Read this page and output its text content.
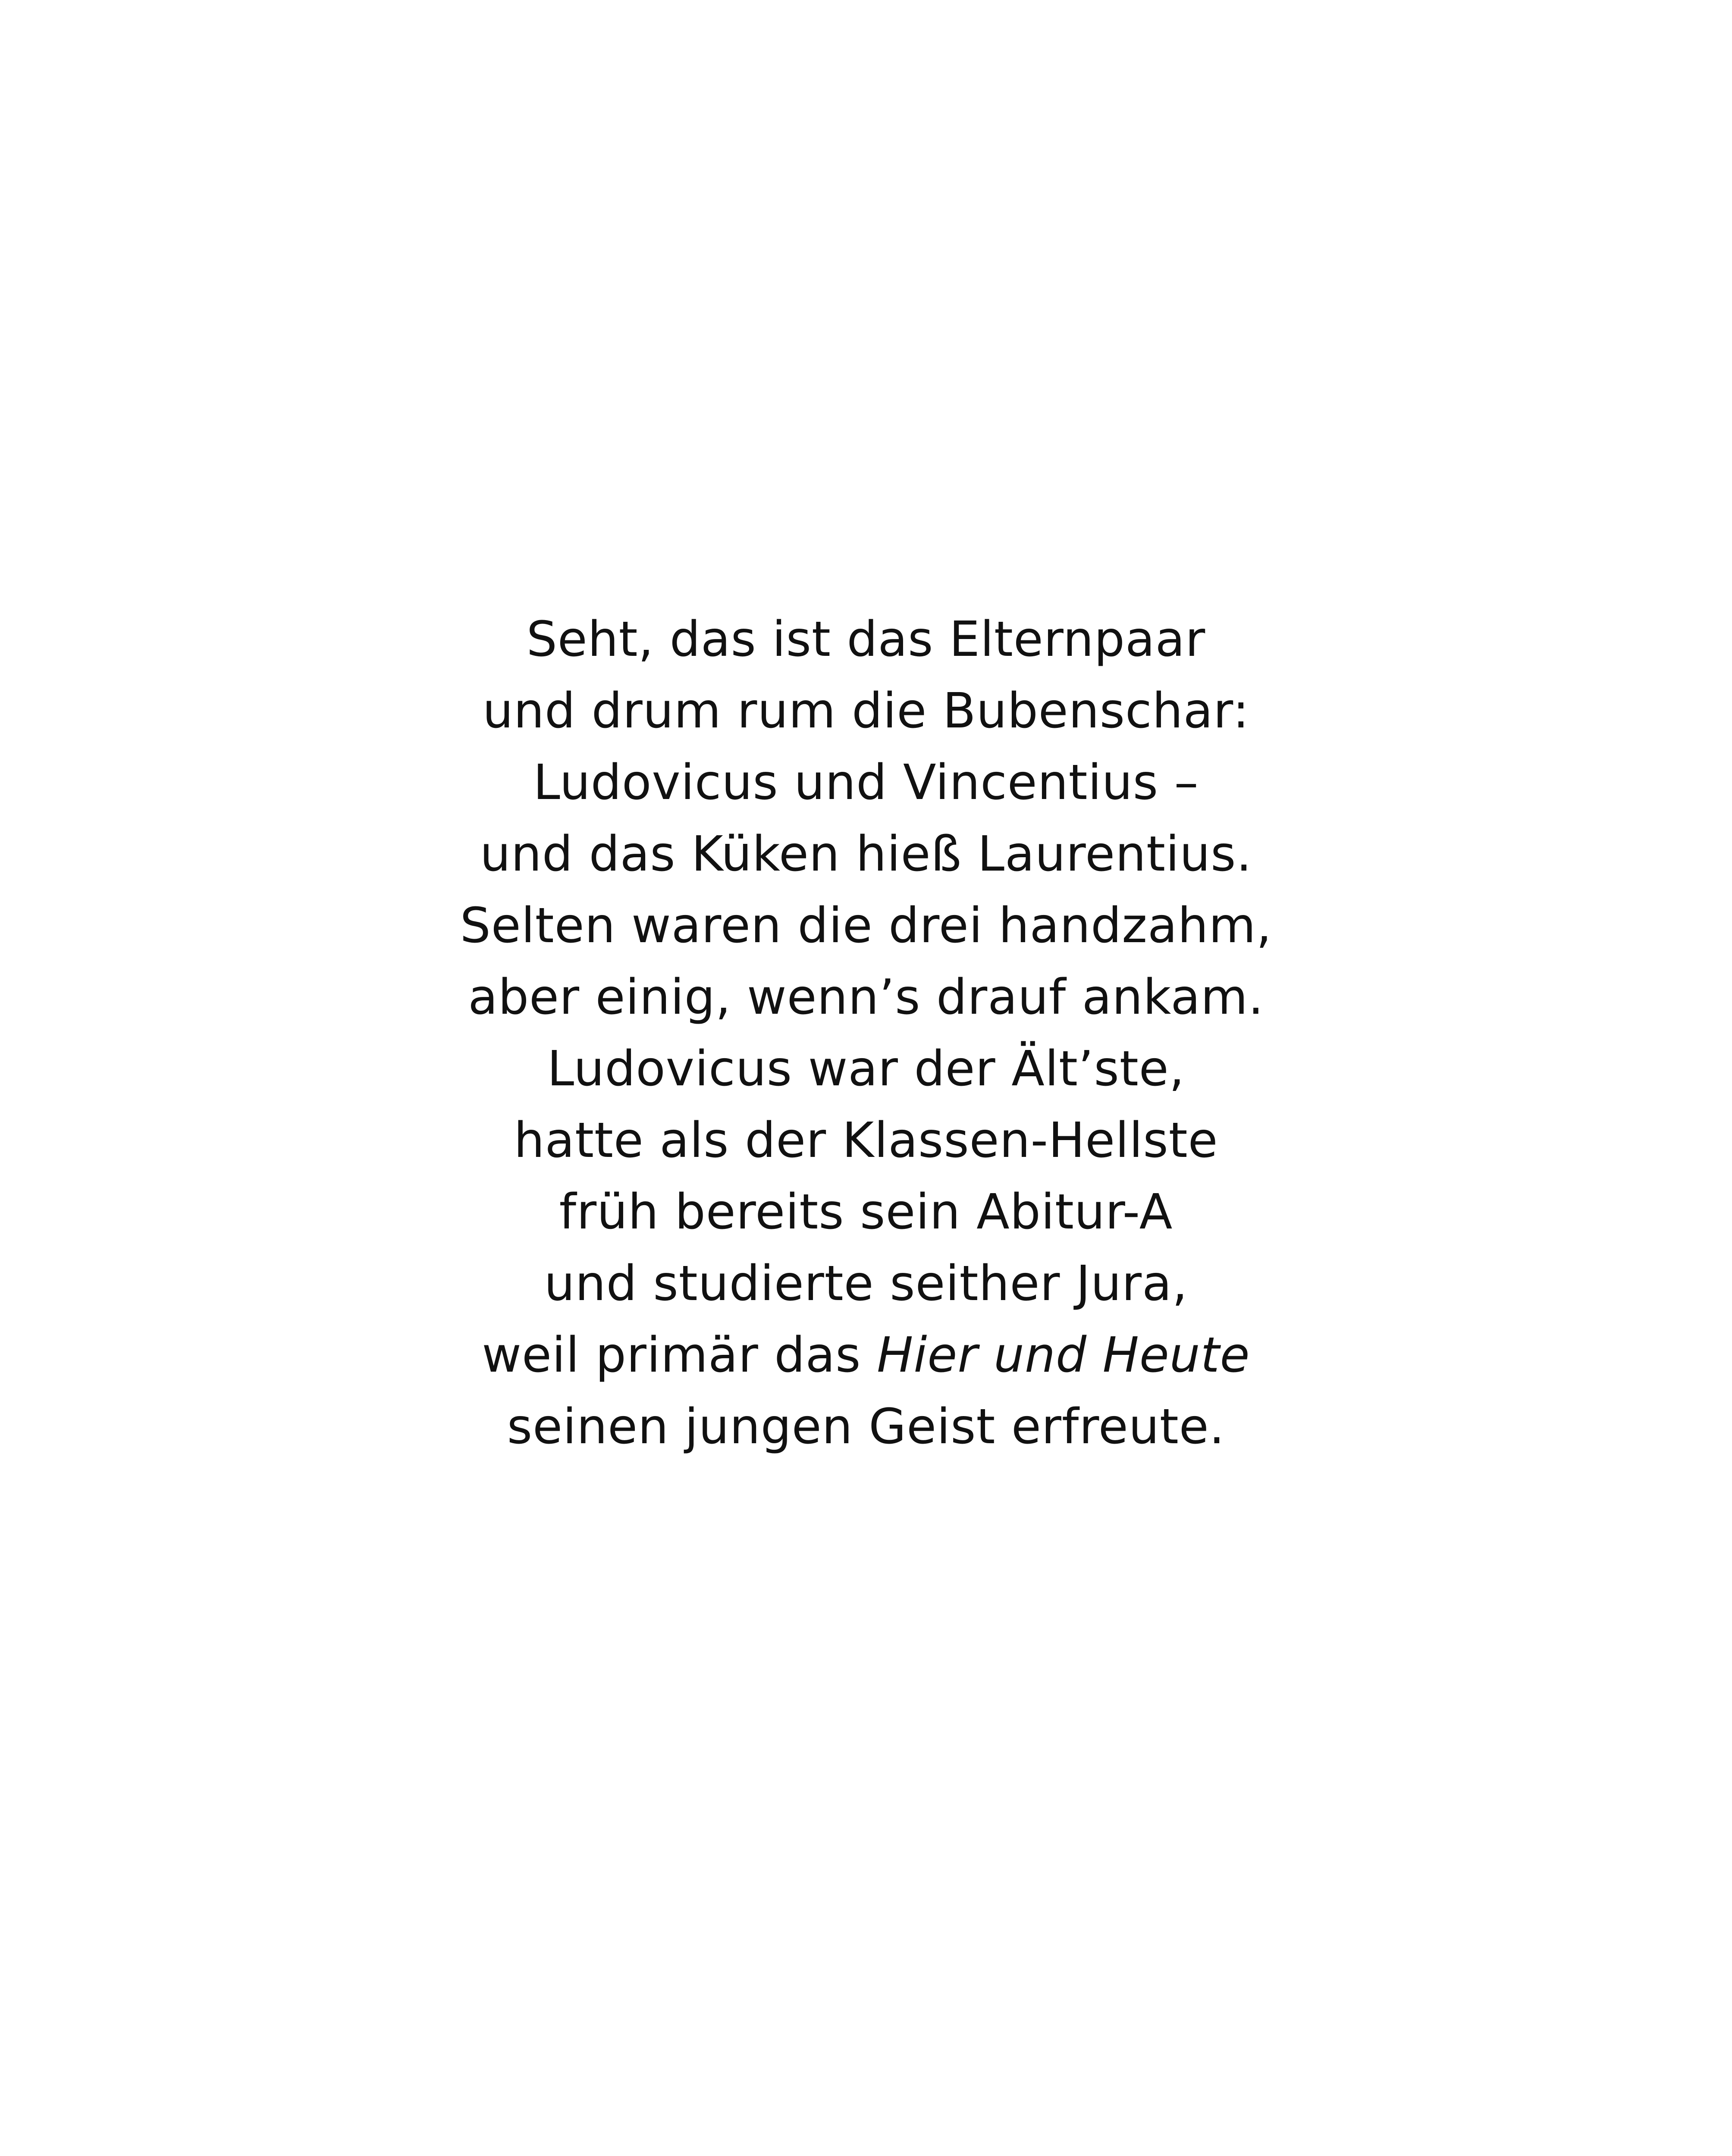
Seht, das ist das Elternpaar
und drum rum die Bubenschar:
Ludovicus und Vincentius –
und das Küken hieß Laurentius.
Selten waren die drei handzahm,
aber einig, wenn’s drauf ankam.
Ludovicus war der Ält’ste,
hatte als der Klassen-Hellste
früh bereits sein Abitur-A
und studierte seither Jura,
weil primär das Hier und Heute
seinen jungen Geist erfreute.
